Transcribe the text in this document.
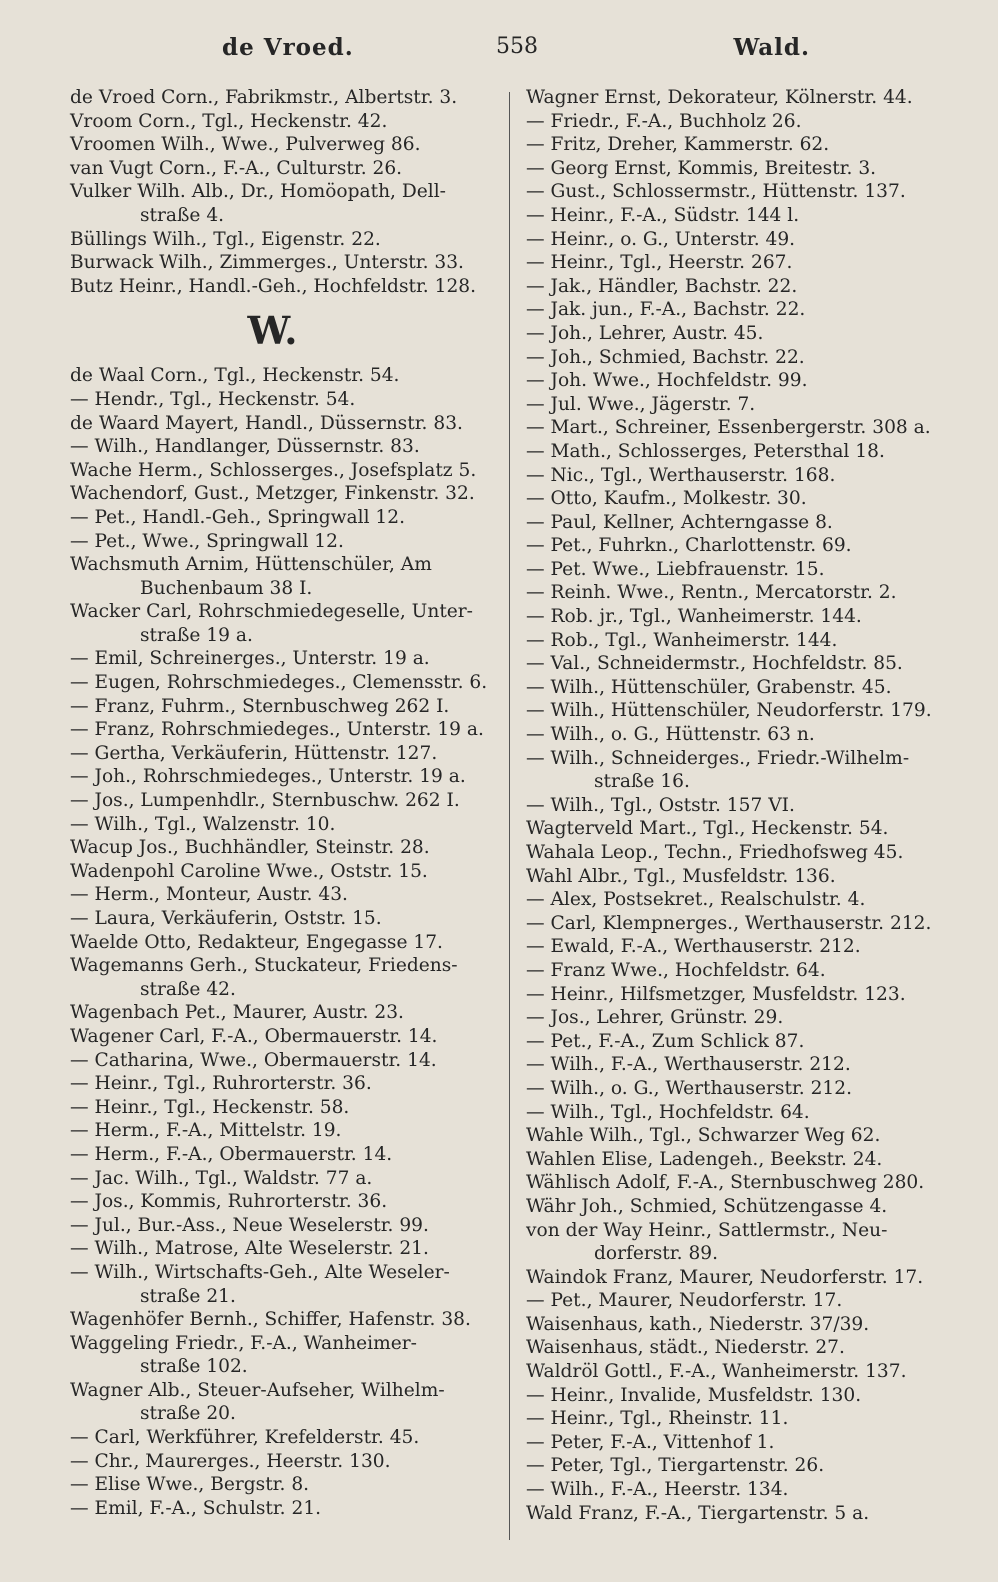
de Vroed.	558	Wald.
de Vroed Corn., Fabrikmstr., Albertstr. 3.
Vroom Corn., Tgl., Heckenstr. 42.
Vroomen Wilh., Wwe., Pulverweg 86.
van Vugt Corn., F.-A., Culturstr. 26.
Vulker Wilh. Alb., Dr., Homöopath, Dell-
straße 4.
Büllings Wilh., Tgl., Eigenstr. 22.
Burwack Wilh., Zimmerges., Unterstr. 33.
Butz Heinr., Handl.-Geh., Hochfeldstr. 128.
W.
de Waal Corn., Tgl., Heckenstr. 54.
— Hendr., Tgl., Heckenstr. 54.
de Waard Mayert, Handl., Düssernstr. 83.
— Wilh., Handlanger, Düssernstr. 83.
Wache Herm., Schlosserges., Josefsplatz 5.
Wachendorf, Gust., Metzger, Finkenstr. 32.
— Pet., Handl.-Geh., Springwall 12.
— Pet., Wwe., Springwall 12.
Wachsmuth Arnim, Hüttenschüler, Am
Buchenbaum 38 I.
Wacker Carl, Rohrschmiedegeselle, Unter-
straße 19 a.
— Emil, Schreinerges., Unterstr. 19 a.
— Eugen, Rohrschmiedeges., Clemensstr. 6.
— Franz, Fuhrm., Sternbuschweg 262 I.
— Franz, Rohrschmiedeges., Unterstr. 19 a.
— Gertha, Verkäuferin, Hüttenstr. 127.
— Joh., Rohrschmiedeges., Unterstr. 19 a.
— Jos., Lumpenhdlr., Sternbuschw. 262 I.
— Wilh., Tgl., Walzenstr. 10.
Wacup Jos., Buchhändler, Steinstr. 28.
Wadenpohl Caroline Wwe., Oststr. 15.
— Herm., Monteur, Austr. 43.
— Laura, Verkäuferin, Oststr. 15.
Waelde Otto, Redakteur, Engegasse 17.
Wagemanns Gerh., Stuckateur, Friedens-
straße 42.
Wagenbach Pet., Maurer, Austr. 23.
Wagener Carl, F.-A., Obermauerstr. 14.
— Catharina, Wwe., Obermauerstr. 14.
— Heinr., Tgl., Ruhrorterstr. 36.
— Heinr., Tgl., Heckenstr. 58.
— Herm., F.-A., Mittelstr. 19.
— Herm., F.-A., Obermauerstr. 14.
— Jac. Wilh., Tgl., Waldstr. 77 a.
— Jos., Kommis, Ruhrorterstr. 36.
— Jul., Bur.-Ass., Neue Weselerstr. 99.
— Wilh., Matrose, Alte Weselerstr. 21.
— Wilh., Wirtschafts-Geh., Alte Weseler-
straße 21.
Wagenhöfer Bernh., Schiffer, Hafenstr. 38.
Waggeling Friedr., F.-A., Wanheimer-
straße 102.
Wagner Alb., Steuer-Aufseher, Wilhelm-
straße 20.
— Carl, Werkführer, Krefelderstr. 45.
— Chr., Maurerges., Heerstr. 130.
— Elise Wwe., Bergstr. 8.
— Emil, F.-A., Schulstr. 21.
Wagner Ernst, Dekorateur, Kölnerstr. 44.
— Friedr., F.-A., Buchholz 26.
— Fritz, Dreher, Kammerstr. 62.
— Georg Ernst, Kommis, Breitestr. 3.
— Gust., Schlossermstr., Hüttenstr. 137.
— Heinr., F.-A., Südstr. 144 l.
— Heinr., o. G., Unterstr. 49.
— Heinr., Tgl., Heerstr. 267.
— Jak., Händler, Bachstr. 22.
— Jak. jun., F.-A., Bachstr. 22.
— Joh., Lehrer, Austr. 45.
— Joh., Schmied, Bachstr. 22.
— Joh. Wwe., Hochfeldstr. 99.
— Jul. Wwe., Jägerstr. 7.
— Mart., Schreiner, Essenbergerstr. 308 a.
— Math., Schlosserges, Petersthal 18.
— Nic., Tgl., Werthauserstr. 168.
— Otto, Kaufm., Molkestr. 30.
— Paul, Kellner, Achterngasse 8.
— Pet., Fuhrkn., Charlottenstr. 69.
— Pet. Wwe., Liebfrauenstr. 15.
— Reinh. Wwe., Rentn., Mercatorstr. 2.
— Rob. jr., Tgl., Wanheimerstr. 144.
— Rob., Tgl., Wanheimerstr. 144.
— Val., Schneidermstr., Hochfeldstr. 85.
— Wilh., Hüttenschüler, Grabenstr. 45.
— Wilh., Hüttenschüler, Neudorferstr. 179.
— Wilh., o. G., Hüttenstr. 63 n.
— Wilh., Schneiderges., Friedr.-Wilhelm-
straße 16.
— Wilh., Tgl., Oststr. 157 VI.
Wagterveld Mart., Tgl., Heckenstr. 54.
Wahala Leop., Techn., Friedhofsweg 45.
Wahl Albr., Tgl., Musfeldstr. 136.
— Alex, Postsekret., Realschulstr. 4.
— Carl, Klempnerges., Werthauserstr. 212.
— Ewald, F.-A., Werthauserstr. 212.
— Franz Wwe., Hochfeldstr. 64.
— Heinr., Hilfsmetzger, Musfeldstr. 123.
— Jos., Lehrer, Grünstr. 29.
— Pet., F.-A., Zum Schlick 87.
— Wilh., F.-A., Werthauserstr. 212.
— Wilh., o. G., Werthauserstr. 212.
— Wilh., Tgl., Hochfeldstr. 64.
Wahle Wilh., Tgl., Schwarzer Weg 62.
Wahlen Elise, Ladengeh., Beekstr. 24.
Wählisch Adolf, F.-A., Sternbuschweg 280.
Währ Joh., Schmied, Schützengasse 4.
von der Way Heinr., Sattlermstr., Neu-
dorferstr. 89.
Waindok Franz, Maurer, Neudorferstr. 17.
— Pet., Maurer, Neudorferstr. 17.
Waisenhaus, kath., Niederstr. 37/39.
Waisenhaus, städt., Niederstr. 27.
Waldröl Gottl., F.-A., Wanheimerstr. 137.
— Heinr., Invalide, Musfeldstr. 130.
— Heinr., Tgl., Rheinstr. 11.
— Peter, F.-A., Vittenhof 1.
— Peter, Tgl., Tiergartenstr. 26.
— Wilh., F.-A., Heerstr. 134.
Wald Franz, F.-A., Tiergartenstr. 5 a.
